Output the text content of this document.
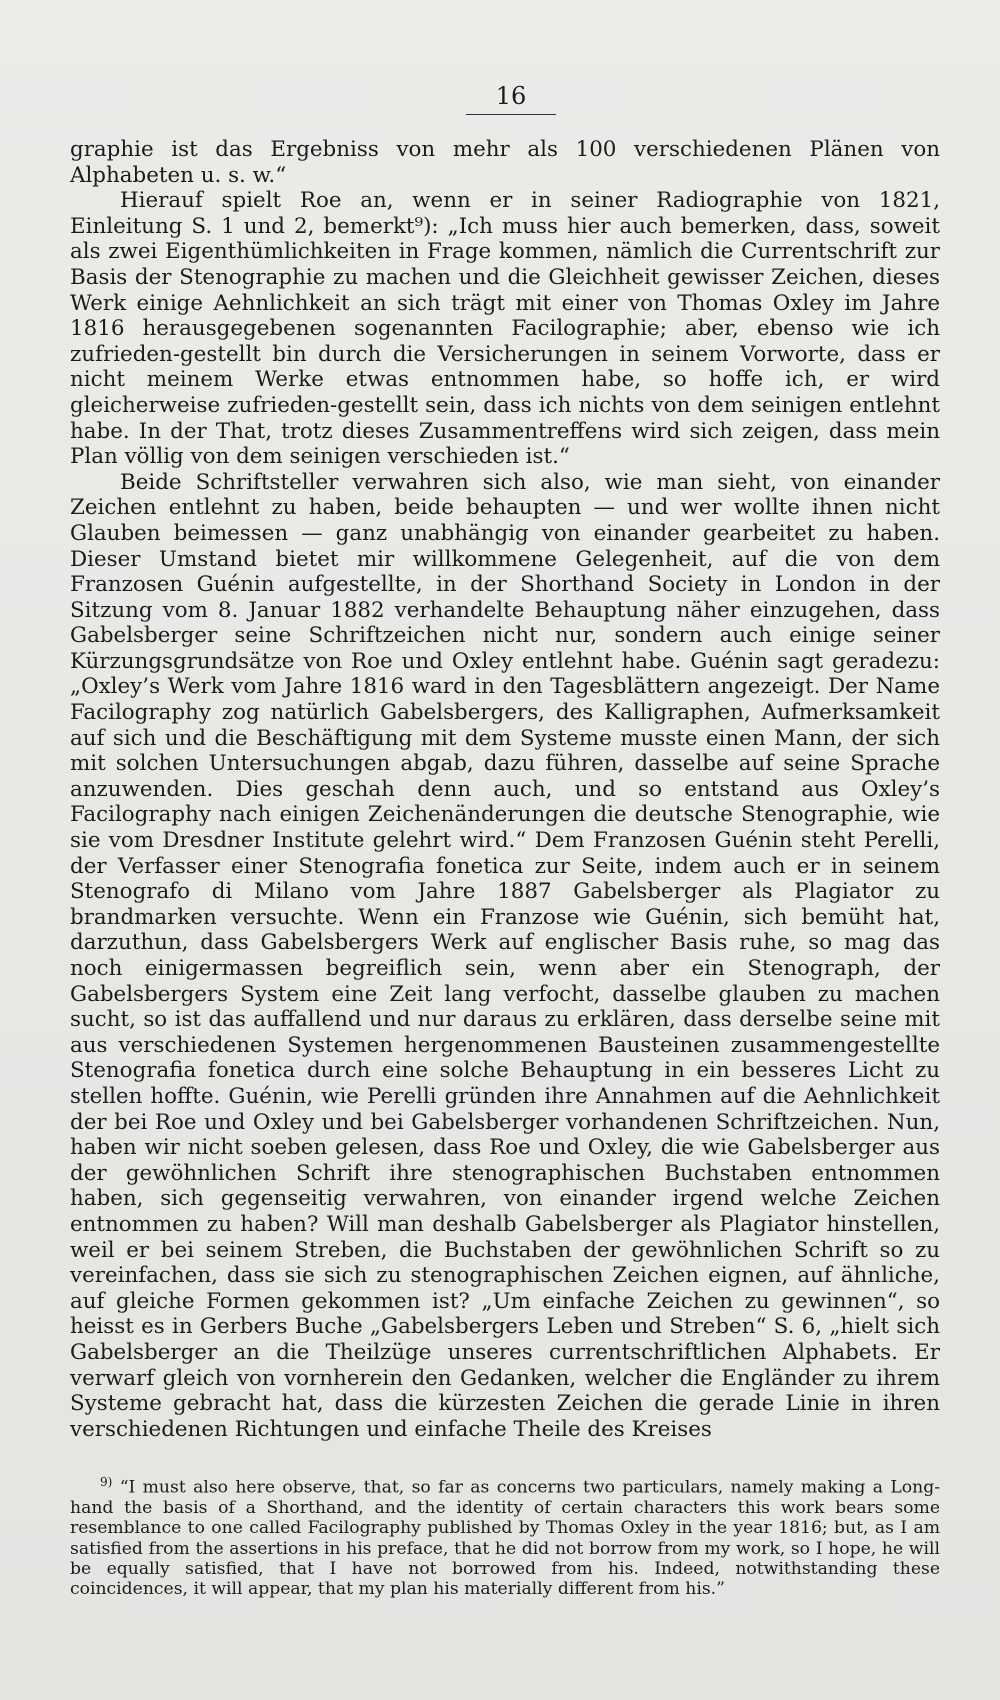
16

graphie ist das Ergebniss von mehr als 100 verschiedenen Plänen von Alphabeten u. s. w.“

Hierauf spielt Roe an, wenn er in seiner Radiographie von 1821, Einleitung S. 1 und 2, bemerkt⁹): „Ich muss hier auch bemerken, dass, soweit als zwei Eigenthümlichkeiten in Frage kommen, nämlich die Currentschrift zur Basis der Stenographie zu machen und die Gleichheit gewisser Zeichen, dieses Werk einige Aehnlichkeit an sich trägt mit einer von Thomas Oxley im Jahre 1816 herausgegebenen sogenannten Facilographie; aber, ebenso wie ich zufrieden-gestellt bin durch die Versicherungen in seinem Vorworte, dass er nicht meinem Werke etwas entnommen habe, so hoffe ich, er wird gleicherweise zufrieden-gestellt sein, dass ich nichts von dem seinigen entlehnt habe. In der That, trotz dieses Zusammentreffens wird sich zeigen, dass mein Plan völlig von dem seinigen verschieden ist.“

Beide Schriftsteller verwahren sich also, wie man sieht, von einander Zeichen entlehnt zu haben, beide behaupten — und wer wollte ihnen nicht Glauben beimessen — ganz unabhängig von einander gearbeitet zu haben. Dieser Umstand bietet mir willkommene Gelegenheit, auf die von dem Franzosen Guénin aufgestellte, in der Shorthand Society in London in der Sitzung vom 8. Januar 1882 verhandelte Behauptung näher einzugehen, dass Gabelsberger seine Schriftzeichen nicht nur, sondern auch einige seiner Kürzungsgrundsätze von Roe und Oxley entlehnt habe. Guénin sagt geradezu: „Oxley’s Werk vom Jahre 1816 ward in den Tagesblättern angezeigt. Der Name Facilography zog natürlich Gabelsbergers, des Kalligraphen, Aufmerksamkeit auf sich und die Beschäftigung mit dem Systeme musste einen Mann, der sich mit solchen Untersuchungen abgab, dazu führen, dasselbe auf seine Sprache anzuwenden. Dies geschah denn auch, und so entstand aus Oxley’s Facilography nach einigen Zeichenänderungen die deutsche Stenographie, wie sie vom Dresdner Institute gelehrt wird.“ Dem Franzosen Guénin steht Perelli, der Verfasser einer Stenografia fonetica zur Seite, indem auch er in seinem Stenografo di Milano vom Jahre 1887 Gabelsberger als Plagiator zu brandmarken versuchte. Wenn ein Franzose wie Guénin, sich bemüht hat, darzuthun, dass Gabelsbergers Werk auf englischer Basis ruhe, so mag das noch einigermassen begreiflich sein, wenn aber ein Stenograph, der Gabelsbergers System eine Zeit lang verfocht, dasselbe glauben zu machen sucht, so ist das auffallend und nur daraus zu erklären, dass derselbe seine mit aus verschiedenen Systemen hergenommenen Bausteinen zusammengestellte Stenografia fonetica durch eine solche Behauptung in ein besseres Licht zu stellen hoffte. Guénin, wie Perelli gründen ihre Annahmen auf die Aehnlichkeit der bei Roe und Oxley und bei Gabelsberger vorhandenen Schriftzeichen. Nun, haben wir nicht soeben gelesen, dass Roe und Oxley, die wie Gabelsberger aus der gewöhnlichen Schrift ihre stenographischen Buchstaben entnommen haben, sich gegenseitig verwahren, von einander irgend welche Zeichen entnommen zu haben? Will man deshalb Gabelsberger als Plagiator hinstellen, weil er bei seinem Streben, die Buchstaben der gewöhnlichen Schrift so zu vereinfachen, dass sie sich zu stenographischen Zeichen eignen, auf ähnliche, auf gleiche Formen gekommen ist? „Um einfache Zeichen zu gewinnen“, so heisst es in Gerbers Buche „Gabelsbergers Leben und Streben“ S. 6, „hielt sich Gabelsberger an die Theilzüge unseres currentschriftlichen Alphabets. Er verwarf gleich von vornherein den Gedanken, welcher die Engländer zu ihrem Systeme gebracht hat, dass die kürzesten Zeichen die gerade Linie in ihren verschiedenen Richtungen und einfache Theile des Kreises

$^{9)}$ “I must also here observe, that, so far as concerns two particulars, namely making a Long-hand the basis of a Shorthand, and the identity of certain characters this work bears some resemblance to one called Facilography published by Thomas Oxley in the year 1816; but, as I am satisfied from the assertions in his preface, that he did not borrow from my work, so I hope, he will be equally satisfied, that I have not borrowed from his. Indeed, notwithstanding these coincidences, it will appear, that my plan his materially different from his.”
